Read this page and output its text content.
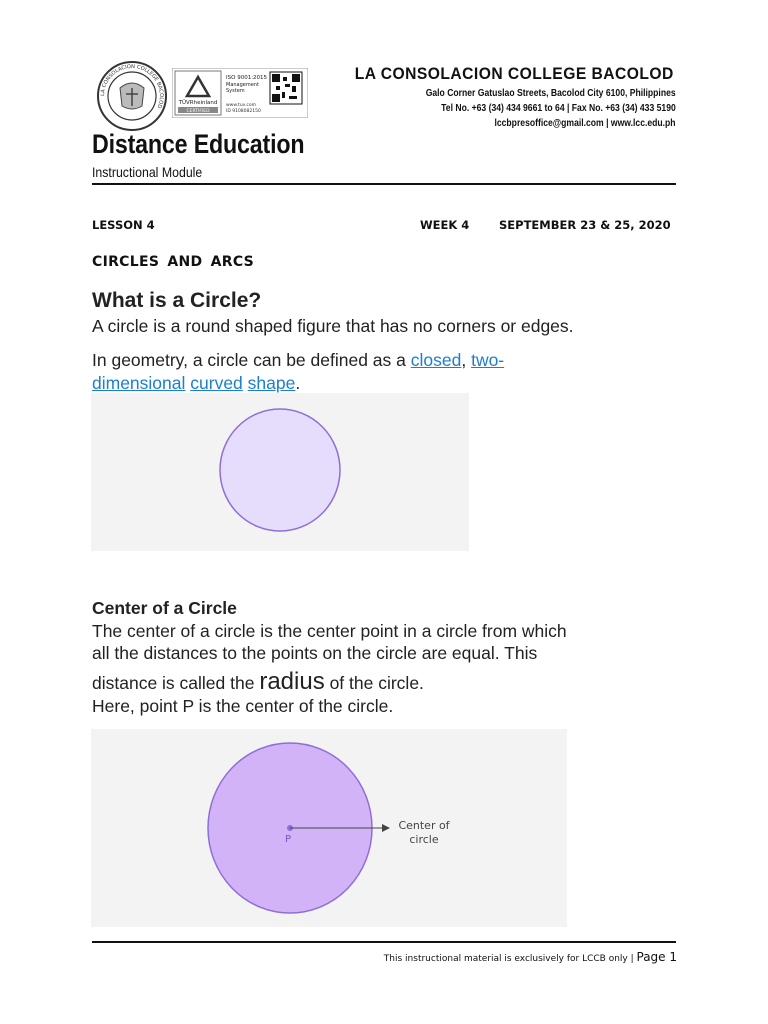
LA CONSOLACION COLLEGE BACOLOD
TÜVRheinland
CERTIFIED
ISO 9001:2015
Management
System
www.tuv.com
ID 9108082150
LA CONSOLACION COLLEGE BACOLOD
Galo Corner Gatuslao Streets, Bacolod City 6100, Philippines
Tel No. +63 (34) 434 9661 to 64 | Fax No. +63 (34) 433 5190
lccbpresoffice@gmail.com | www.lcc.edu.ph
Distance Education
Instructional Module
LESSON 4	WEEK 4	SEPTEMBER 23 & 25, 2020
CIRCLES AND ARCS
What is a Circle?
A circle is a round shaped figure that has no corners or edges.
In geometry, a circle can be defined as a closed, two-
dimensional curved shape.
Center of a Circle
The center of a circle is the center point in a circle from which
all the distances to the points on the circle are equal. This
distance is called the radius of the circle.
Here, point P is the center of the circle.
P
Center of
circle
This instructional material is exclusively for LCCB only | Page 1
